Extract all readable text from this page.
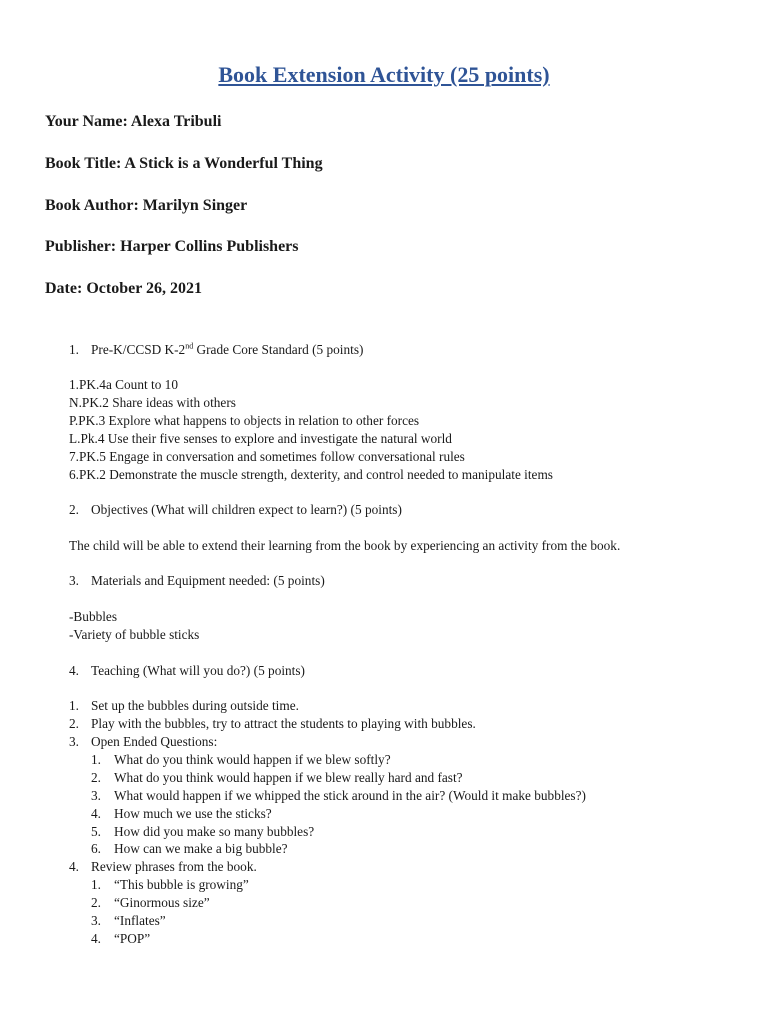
Book Extension Activity (25 points)
Your Name: Alexa Tribuli
Book Title: A Stick is a Wonderful Thing
Book Author: Marilyn Singer
Publisher: Harper Collins Publishers
Date: October 26, 2021
1. Pre-K/CCSD K-2nd Grade Core Standard (5 points)
1.PK.4a Count to 10
N.PK.2 Share ideas with others
P.PK.3 Explore what happens to objects in relation to other forces
L.Pk.4 Use their five senses to explore and investigate the natural world
7.PK.5 Engage in conversation and sometimes follow conversational rules
6.PK.2 Demonstrate the muscle strength, dexterity, and control needed to manipulate items
2. Objectives (What will children expect to learn?) (5 points)
The child will be able to extend their learning from the book by experiencing an activity from the book.
3. Materials and Equipment needed: (5 points)
-Bubbles
-Variety of bubble sticks
4. Teaching (What will you do?) (5 points)
1. Set up the bubbles during outside time.
2. Play with the bubbles, try to attract the students to playing with bubbles.
3. Open Ended Questions:
1. What do you think would happen if we blew softly?
2. What do you think would happen if we blew really hard and fast?
3. What would happen if we whipped the stick around in the air? (Would it make bubbles?)
4. How much we use the sticks?
5. How did you make so many bubbles?
6. How can we make a big bubble?
4. Review phrases from the book.
1. “This bubble is growing”
2. “Ginormous size”
3. “Inflates”
4. “POP”
